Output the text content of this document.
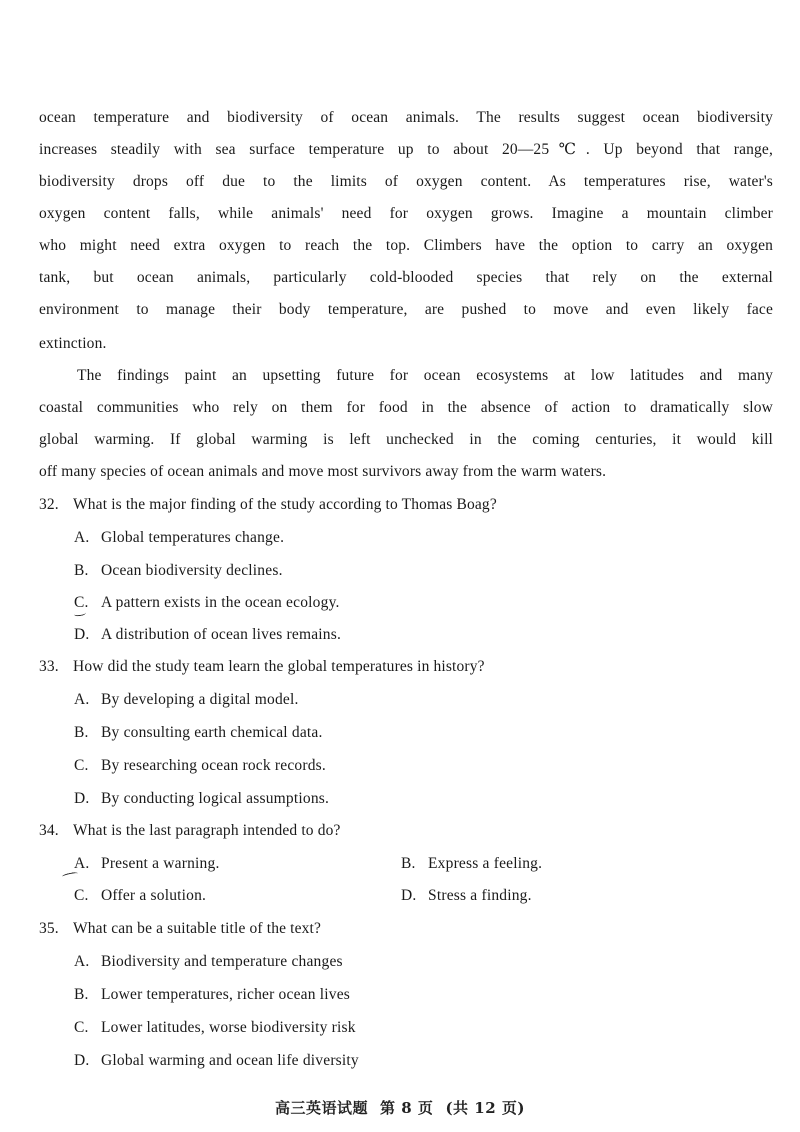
ocean temperature and biodiversity of ocean animals. The results suggest ocean biodiversity
increases steadily with sea surface temperature up to about 20—25℃. Up beyond that range,
biodiversity drops off due to the limits of oxygen content. As temperatures rise, water's
oxygen content falls, while animals' need for oxygen grows. Imagine a mountain climber
who might need extra oxygen to reach the top. Climbers have the option to carry an oxygen
tank, but ocean animals, particularly cold-blooded species that rely on the external
environment to manage their body temperature, are pushed to move and even likely face
extinction.
The findings paint an upsetting future for ocean ecosystems at low latitudes and many
coastal communities who rely on them for food in the absence of action to dramatically slow
global warming. If global warming is left unchecked in the coming centuries, it would kill
off many species of ocean animals and move most survivors away from the warm waters.
32. What is the major finding of the study according to Thomas Boag?
A. Global temperatures change.
B. Ocean biodiversity declines.
C. A pattern exists in the ocean ecology.
D. A distribution of ocean lives remains.
33. How did the study team learn the global temperatures in history?
A. By developing a digital model.
B. By consulting earth chemical data.
C. By researching ocean rock records.
D. By conducting logical assumptions.
34. What is the last paragraph intended to do?
A. Present a warning.	B. Express a feeling.
C. Offer a solution.	D. Stress a finding.
35. What can be a suitable title of the text?
A. Biodiversity and temperature changes
B. Lower temperatures, richer ocean lives
C. Lower latitudes, worse biodiversity risk
D. Global warming and ocean life diversity
高三英语试题 第 8 页 (共 12 页)
